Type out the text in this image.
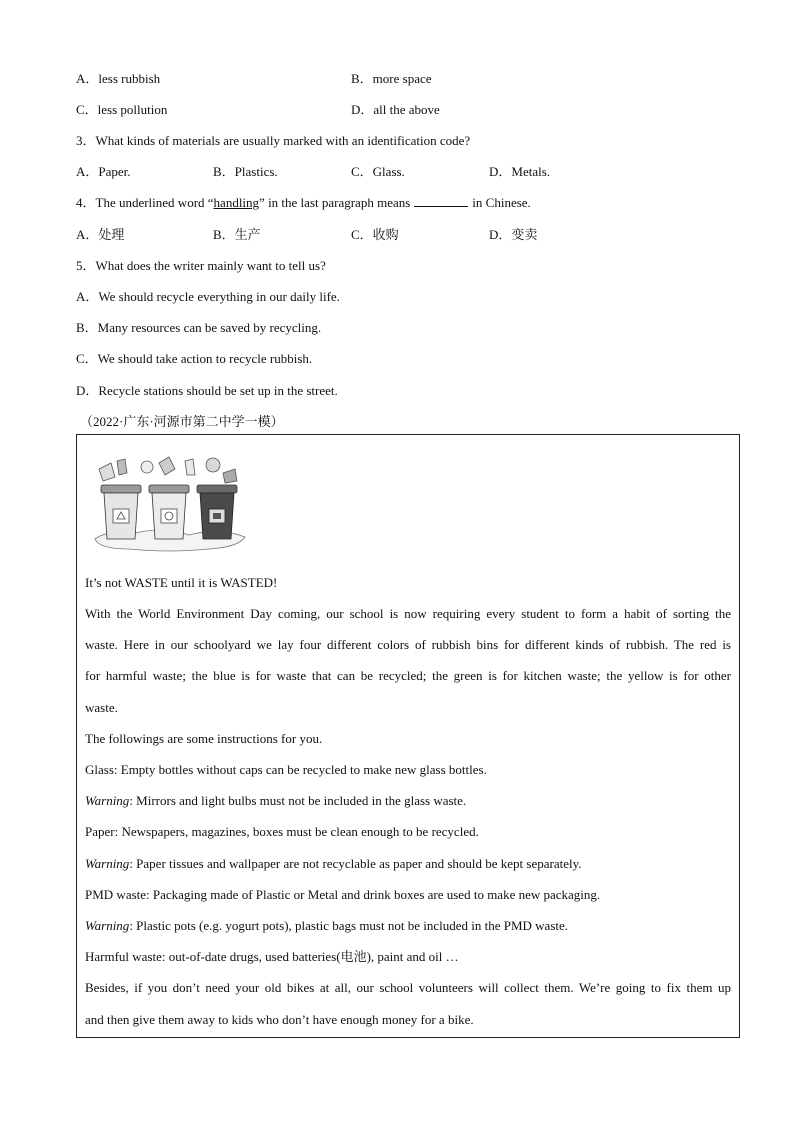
A．less rubbish	B．more space
C．less pollution	D．all the above
3．What kinds of materials are usually marked with an identification code?
A．Paper.	B．Plastics.	C．Glass.	D．Metals.
4．The underlined word “handling” in the last paragraph means	in Chinese.
A．处理	B．生产	C．收购	D．变卖
5．What does the writer mainly want to tell us?
A．We should recycle everything in our daily life.
B．Many resources can be saved by recycling.
C．We should take action to recycle rubbish.
D．Recycle stations should be set up in the street.
（2022·广东·河源市第二中学一模）
It’s not WASTE until it is WASTED!
With the World Environment Day coming, our school is now requiring every student to form a habit of sorting the
waste. Here in our schoolyard we lay four different colors of rubbish bins for different kinds of rubbish. The red is
for harmful waste; the blue is for waste that can be recycled; the green is for kitchen waste; the yellow is for other
waste.
The followings are some instructions for you.
Glass: Empty bottles without caps can be recycled to make new glass bottles.
Warning: Mirrors and light bulbs must not be included in the glass waste.
Paper: Newspapers, magazines, boxes must be clean enough to be recycled.
Warning: Paper tissues and wallpaper are not recyclable as paper and should be kept separately.
PMD waste: Packaging made of Plastic or Metal and drink boxes are used to make new packaging.
Warning: Plastic pots (e.g. yogurt pots), plastic bags must not be included in the PMD waste.
Harmful waste: out-of-date drugs, used batteries(电池), paint and oil …
Besides, if you don’t need your old bikes at all, our school volunteers will collect them. We’re going to fix them up
and then give them away to kids who don’t have enough money for a bike.
